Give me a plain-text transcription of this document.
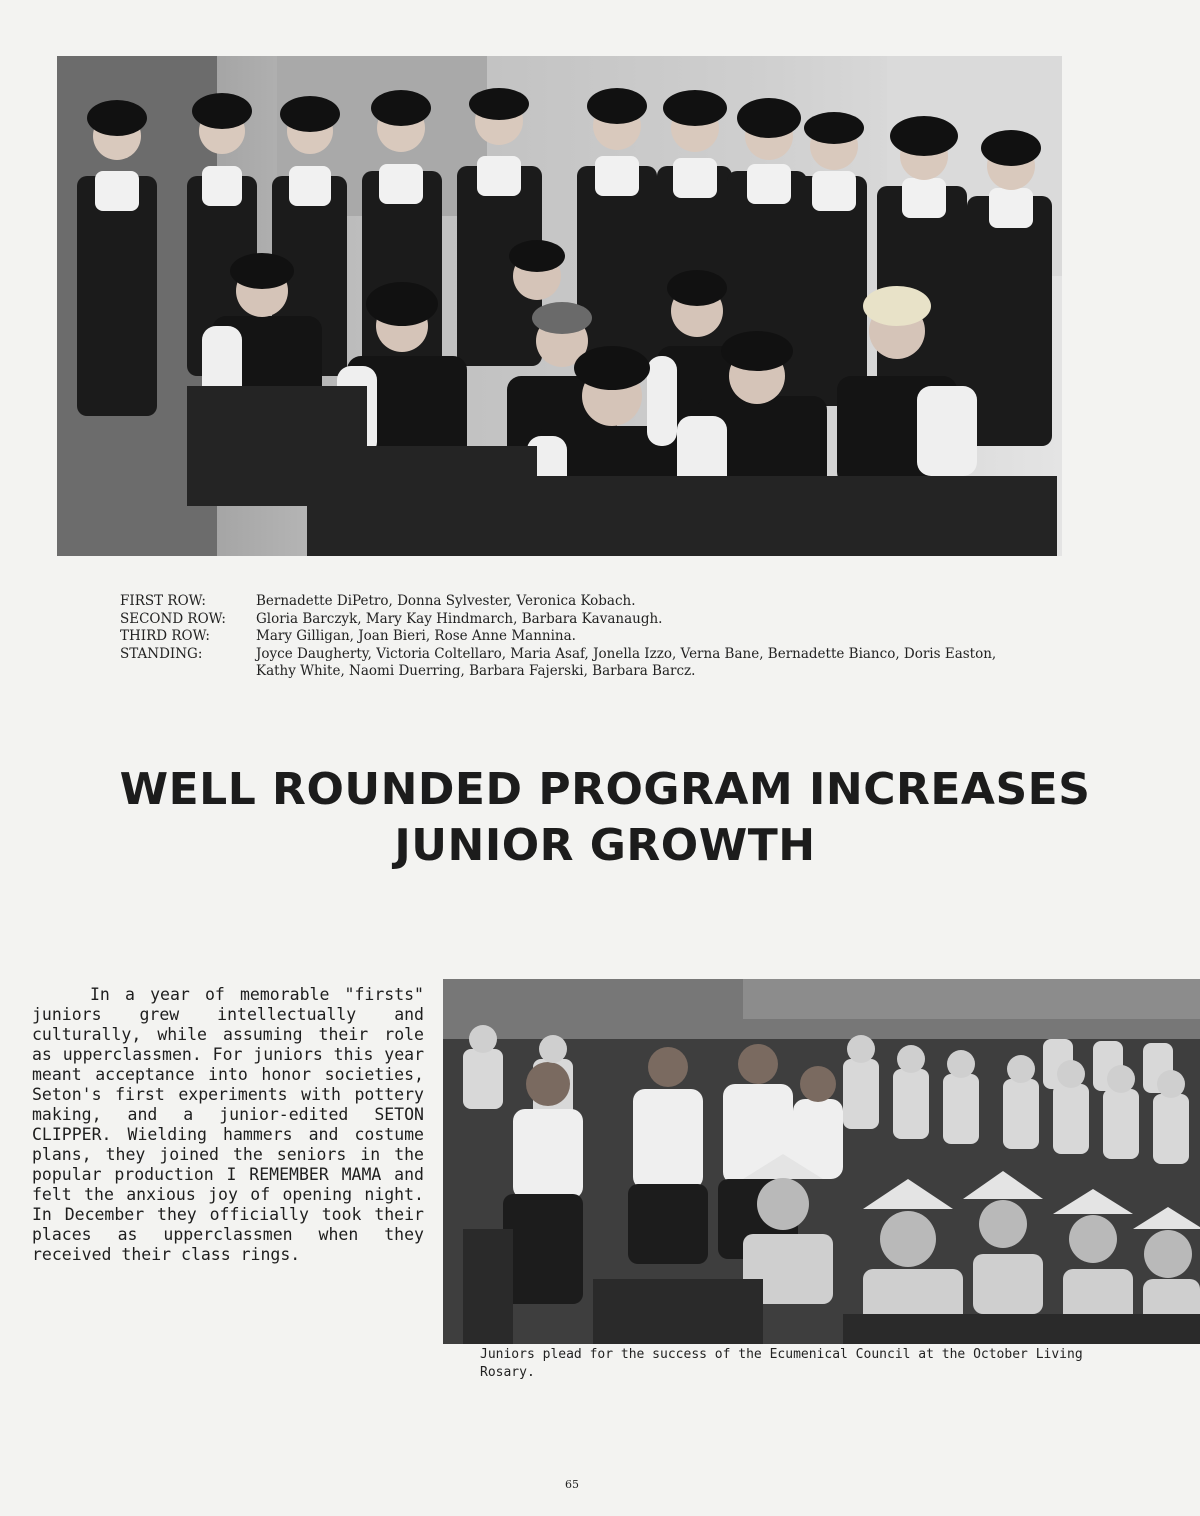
FIRST ROW:	Bernadette DiPetro, Donna Sylvester, Veronica Kobach.
SECOND ROW:	Gloria Barczyk, Mary Kay Hindmarch, Barbara Kavanaugh.
THIRD ROW:	Mary Gilligan, Joan Bieri, Rose Anne Mannina.
STANDING:	Joyce Daugherty, Victoria Coltellaro, Maria Asaf, Jonella Izzo, Verna Bane, Bernadette Bianco, Doris Easton, Kathy White, Naomi Duerring, Barbara Fajerski, Barbara Barcz.
WELL ROUNDED PROGRAM INCREASES
JUNIOR GROWTH

In a year of memorable "firsts" juniors grew intellectually and culturally, while assuming their role as upperclassmen. For juniors this year meant acceptance into honor societies, Seton's first experiments with pottery making, and a junior-edited SETON CLIPPER. Wielding hammers and costume plans, they joined the seniors in the popular production I REMEMBER MAMA and felt the anxious joy of opening night. In December they officially took their places as upperclassmen when they received their class rings.

Juniors plead for the success of the Ecumenical Council at the October Living Rosary.

65
